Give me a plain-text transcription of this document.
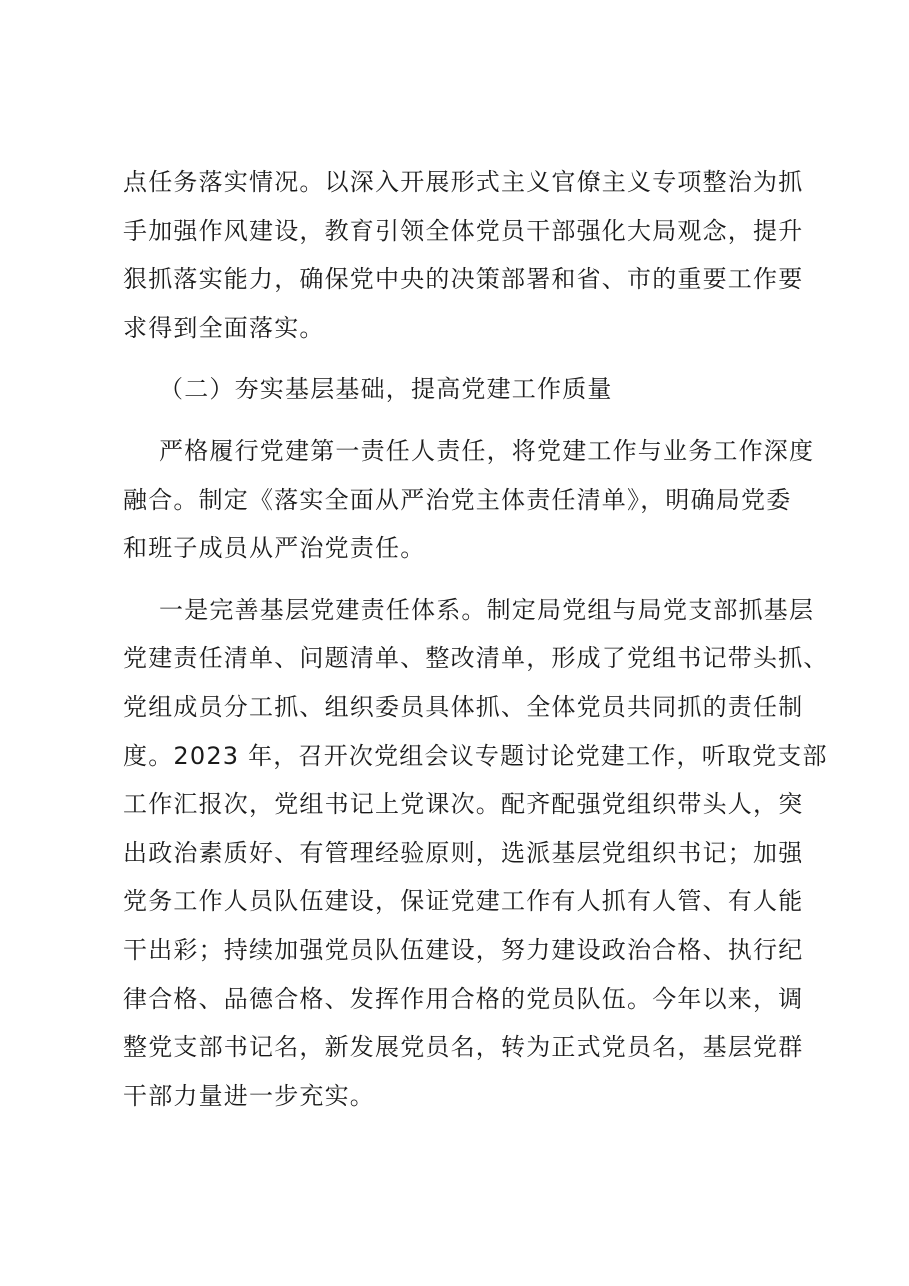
点任务落实情况。以深入开展形式主义官僚主义专项整治为抓
手加强作风建设，教育引领全体党员干部强化大局观念，提升
狠抓落实能力，确保党中央的决策部署和省、市的重要工作要
求得到全面落实。
（二）夯实基层基础，提高党建工作质量
严格履行党建第一责任人责任，将党建工作与业务工作深度
融合。制定《落实全面从严治党主体责任清单》，明确局党委
和班子成员从严治党责任。
一是完善基层党建责任体系。制定局党组与局党支部抓基层
党建责任清单、问题清单、整改清单，形成了党组书记带头抓、
党组成员分工抓、组织委员具体抓、全体党员共同抓的责任制
度。2023 年，召开次党组会议专题讨论党建工作，听取党支部
工作汇报次，党组书记上党课次。配齐配强党组织带头人，突
出政治素质好、有管理经验原则，选派基层党组织书记；加强
党务工作人员队伍建设，保证党建工作有人抓有人管、有人能
干出彩；持续加强党员队伍建设，努力建设政治合格、执行纪
律合格、品德合格、发挥作用合格的党员队伍。今年以来，调
整党支部书记名，新发展党员名，转为正式党员名，基层党群
干部力量进一步充实。
